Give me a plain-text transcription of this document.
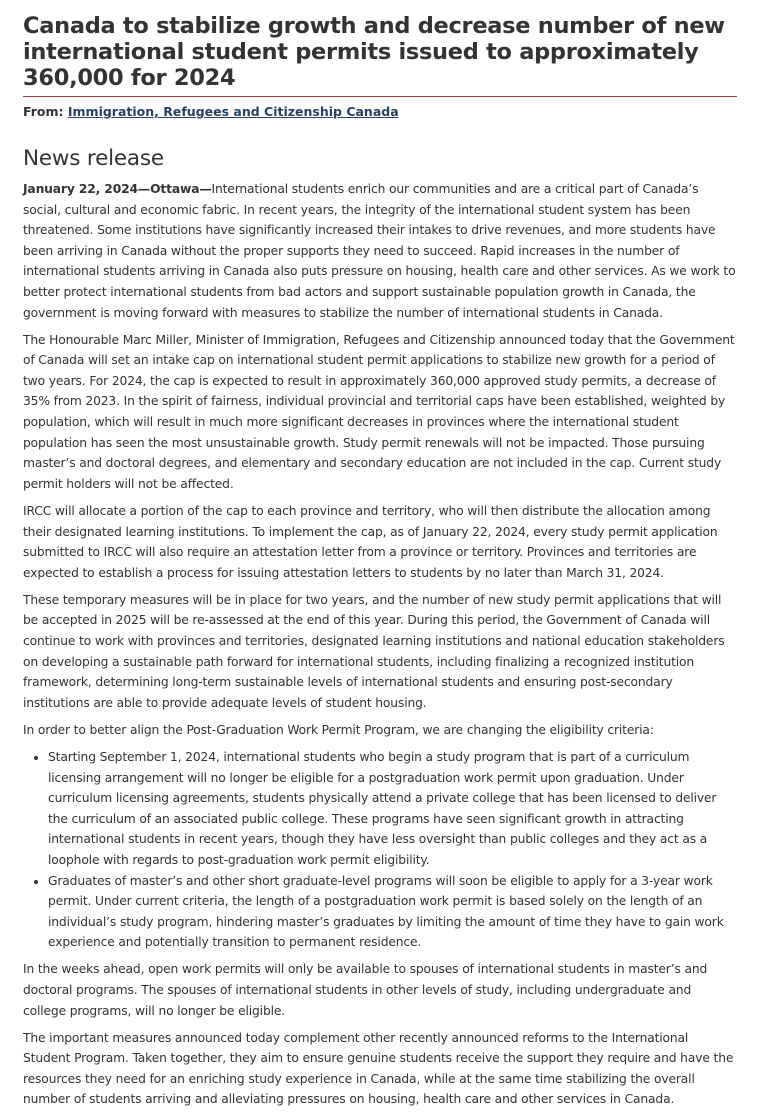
Canada to stabilize growth and decrease number of new international student permits issued to approximately 360,000 for 2024
From: Immigration, Refugees and Citizenship Canada
News release

January 22, 2024—Ottawa—International students enrich our communities and are a critical part of Canada’s social, cultural and economic fabric. In recent years, the integrity of the international student system has been threatened. Some institutions have significantly increased their intakes to drive revenues, and more students have been arriving in Canada without the proper supports they need to succeed. Rapid increases in the number of international students arriving in Canada also puts pressure on housing, health care and other services. As we work to better protect international students from bad actors and support sustainable population growth in Canada, the government is moving forward with measures to stabilize the number of international students in Canada.

The Honourable Marc Miller, Minister of Immigration, Refugees and Citizenship announced today that the Government of Canada will set an intake cap on international student permit applications to stabilize new growth for a period of two years. For 2024, the cap is expected to result in approximately 360,000 approved study permits, a decrease of 35% from 2023. In the spirit of fairness, individual provincial and territorial caps have been established, weighted by population, which will result in much more significant decreases in provinces where the international student population has seen the most unsustainable growth. Study permit renewals will not be impacted. Those pursuing master’s and doctoral degrees, and elementary and secondary education are not included in the cap. Current study permit holders will not be affected.

IRCC will allocate a portion of the cap to each province and territory, who will then distribute the allocation among their designated learning institutions. To implement the cap, as of January 22, 2024, every study permit application submitted to IRCC will also require an attestation letter from a province or territory. Provinces and territories are expected to establish a process for issuing attestation letters to students by no later than March 31, 2024.

These temporary measures will be in place for two years, and the number of new study permit applications that will be accepted in 2025 will be re-assessed at the end of this year. During this period, the Government of Canada will continue to work with provinces and territories, designated learning institutions and national education stakeholders on developing a sustainable path forward for international students, including finalizing a recognized institution framework, determining long-term sustainable levels of international students and ensuring post-secondary institutions are able to provide adequate levels of student housing.

In order to better align the Post-Graduation Work Permit Program, we are changing the eligibility criteria:

• Starting September 1, 2024, international students who begin a study program that is part of a curriculum licensing arrangement will no longer be eligible for a postgraduation work permit upon graduation. Under curriculum licensing agreements, students physically attend a private college that has been licensed to deliver the curriculum of an associated public college. These programs have seen significant growth in attracting international students in recent years, though they have less oversight than public colleges and they act as a loophole with regards to post-graduation work permit eligibility.
• Graduates of master’s and other short graduate-level programs will soon be eligible to apply for a 3-year work permit. Under current criteria, the length of a postgraduation work permit is based solely on the length of an individual’s study program, hindering master’s graduates by limiting the amount of time they have to gain work experience and potentially transition to permanent residence.

In the weeks ahead, open work permits will only be available to spouses of international students in master’s and doctoral programs. The spouses of international students in other levels of study, including undergraduate and college programs, will no longer be eligible.

The important measures announced today complement other recently announced reforms to the International Student Program. Taken together, they aim to ensure genuine students receive the support they require and have the resources they need for an enriching study experience in Canada, while at the same time stabilizing the overall number of students arriving and alleviating pressures on housing, health care and other services in Canada.
